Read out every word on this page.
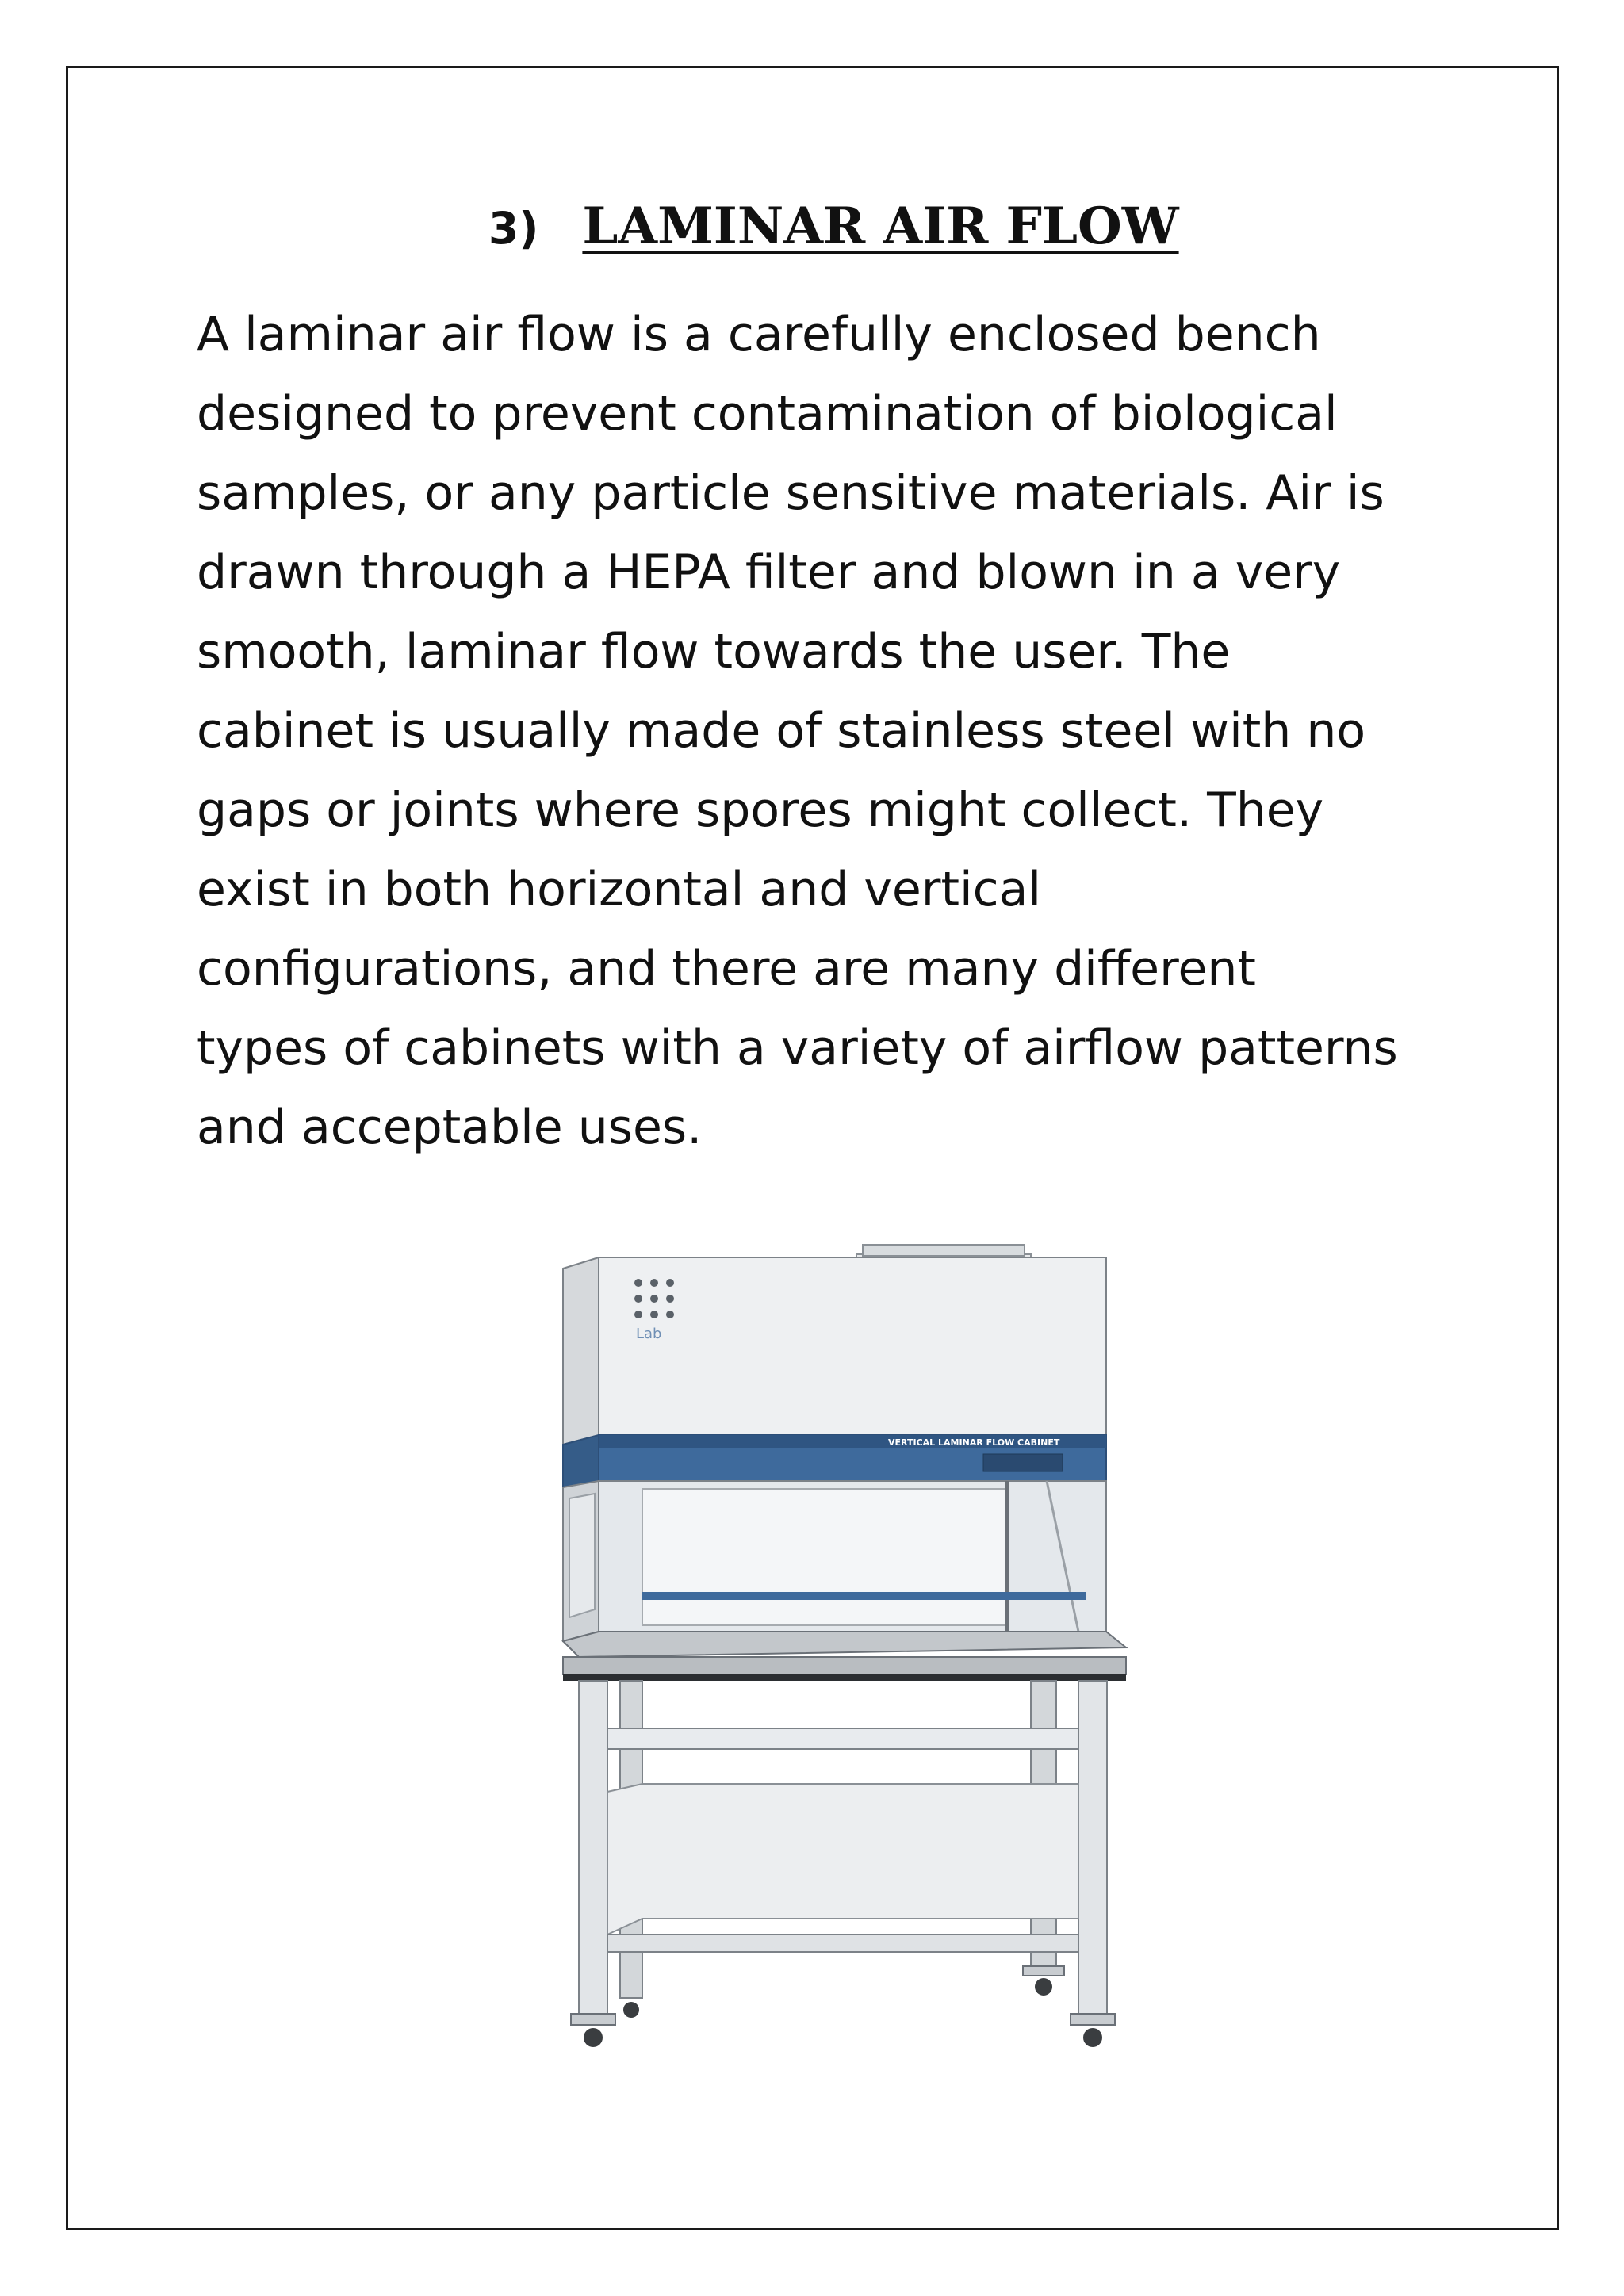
3) LAMINAR AIR FLOW

A laminar air flow is a carefully enclosed bench
designed to prevent contamination of biological
samples, or any particle sensitive materials. Air is
drawn through a HEPA filter and blown in a very
smooth, laminar flow towards the user. The
cabinet is usually made of stainless steel with no
gaps or joints where spores might collect. They
exist in both horizontal and vertical
configurations, and there are many different
types of cabinets with a variety of airflow patterns
and acceptable uses.

Lab
VERTICAL LAMINAR FLOW CABINET
